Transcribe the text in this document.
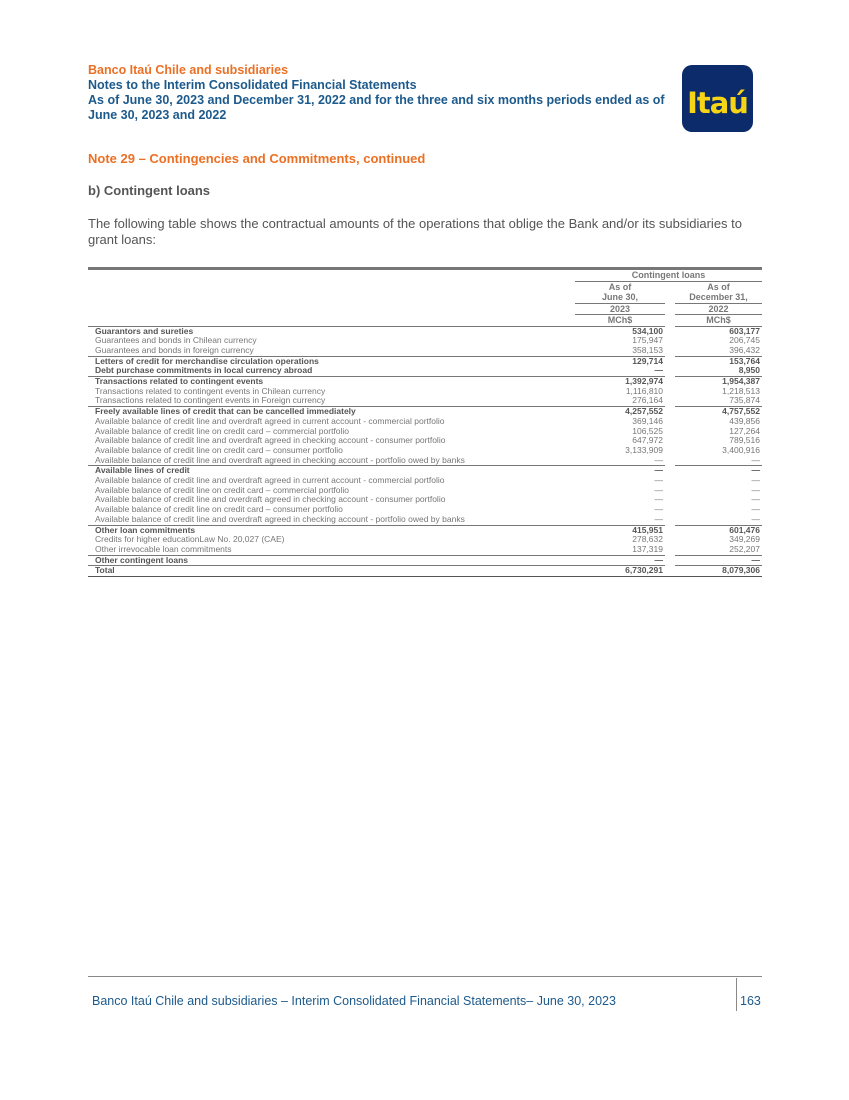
Banco Itaú Chile and subsidiaries
Notes to the Interim Consolidated Financial Statements
As of June 30, 2023 and December 31, 2022 and for the three and six months periods ended as of June 30, 2023 and 2022	Itaú
Note 29 – Contingencies and Commitments, continued
b) Contingent loans
The following table shows the contractual amounts of the operations that oblige the Bank and/or its subsidiaries to grant loans:
	Contingent loans		
	As of		As of
	June 30,		December 31,
	2023		2022
	MCh$		MCh$
Guarantors and sureties	534,100		603,177
Guarantees and bonds in Chilean currency	175,947		206,745
Guarantees and bonds in foreign currency	358,153		396,432
Letters of credit for merchandise circulation operations	129,714		153,764
Debt purchase commitments in local currency abroad	—		8,950
Transactions related to contingent events	1,392,974		1,954,387
Transactions related to contingent events in Chilean currency	1,116,810		1,218,513
Transactions related to contingent events in Foreign currency	276,164		735,874
Freely available lines of credit that can be cancelled immediately	4,257,552		4,757,552
Available balance of credit line and overdraft agreed in current account - commercial portfolio	369,146		439,856
Available balance of credit line on credit card – commercial portfolio	106,525		127,264
Available balance of credit line and overdraft agreed in checking account - consumer portfolio	647,972		789,516
Available balance of credit line on credit card – consumer portfolio	3,133,909		3,400,916
Available balance of credit line and overdraft agreed in checking account - portfolio owed by banks	—		—
Available lines of credit	—		—
Available balance of credit line and overdraft agreed in current account - commercial portfolio	—		—
Available balance of credit line on credit card – commercial portfolio	—		—
Available balance of credit line and overdraft agreed in checking account - consumer portfolio	—		—
Available balance of credit line on credit card – consumer portfolio	—		—
Available balance of credit line and overdraft agreed in checking account - portfolio owed by banks	—		—
Other loan commitments	415,951		601,476
Credits for higher educationLaw No. 20,027 (CAE)	278,632		349,269
Other irrevocable loan commitments	137,319		252,207
Other contingent loans	—		—
Total	6,730,291		8,079,306
Banco Itaú Chile and subsidiaries – Interim Consolidated Financial Statements– June 30, 2023	163
